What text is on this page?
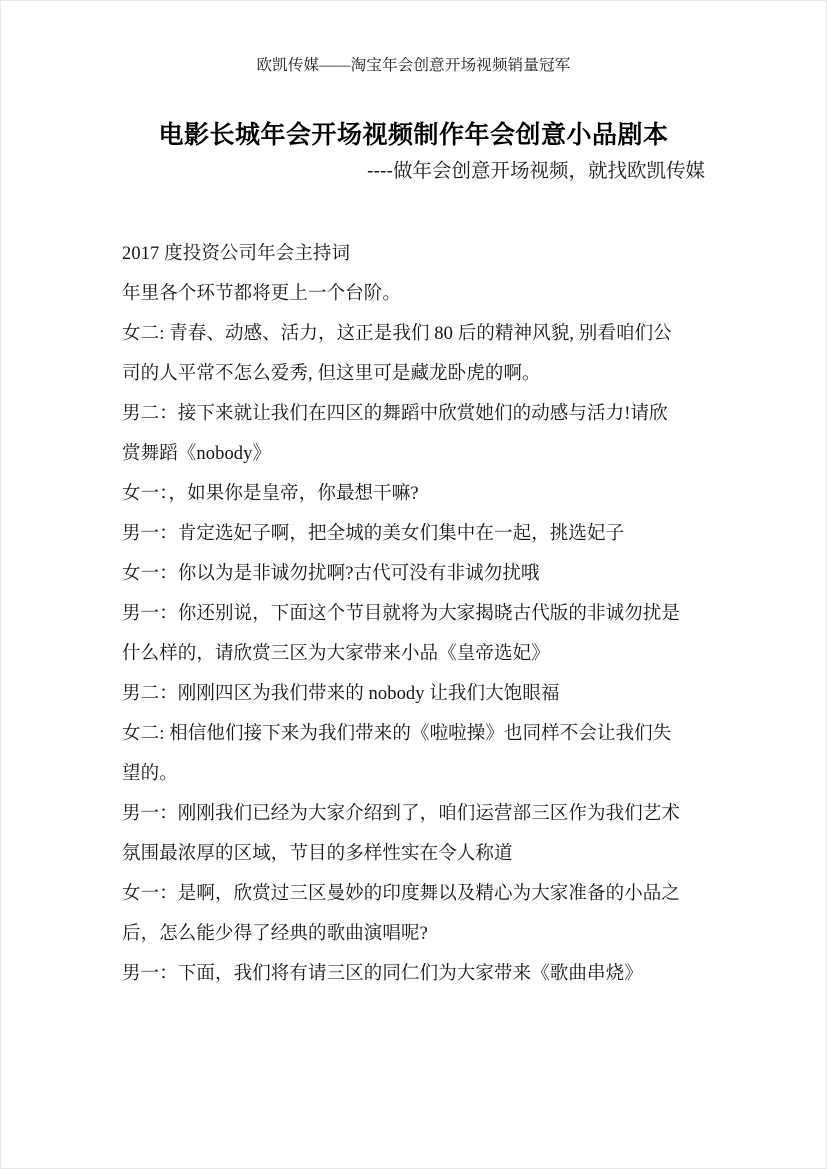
欧凯传媒——淘宝年会创意开场视频销量冠军
电影长城年会开场视频制作年会创意小品剧本
----做年会创意开场视频，就找欧凯传媒
2017 度投资公司年会主持词
年里各个环节都将更上一个台阶。
女二: 青春、动感、活力，这正是我们 80 后的精神风貌, 别看咱们公
司的人平常不怎么爱秀, 但这里可是藏龙卧虎的啊。
男二：接下来就让我们在四区的舞蹈中欣赏她们的动感与活力!请欣
赏舞蹈《nobody》
女一：，如果你是皇帝，你最想干嘛?
男一：肯定选妃子啊，把全城的美女们集中在一起，挑选妃子
女一：你以为是非诚勿扰啊?古代可没有非诚勿扰哦
男一：你还别说，下面这个节目就将为大家揭晓古代版的非诚勿扰是
什么样的，请欣赏三区为大家带来小品《皇帝选妃》
男二：刚刚四区为我们带来的 nobody 让我们大饱眼福
女二: 相信他们接下来为我们带来的《啦啦操》也同样不会让我们失
望的。
男一：刚刚我们已经为大家介绍到了，咱们运营部三区作为我们艺术
氛围最浓厚的区域，节目的多样性实在令人称道
女一：是啊，欣赏过三区曼妙的印度舞以及精心为大家准备的小品之
后，怎么能少得了经典的歌曲演唱呢?
男一：下面，我们将有请三区的同仁们为大家带来《歌曲串烧》
